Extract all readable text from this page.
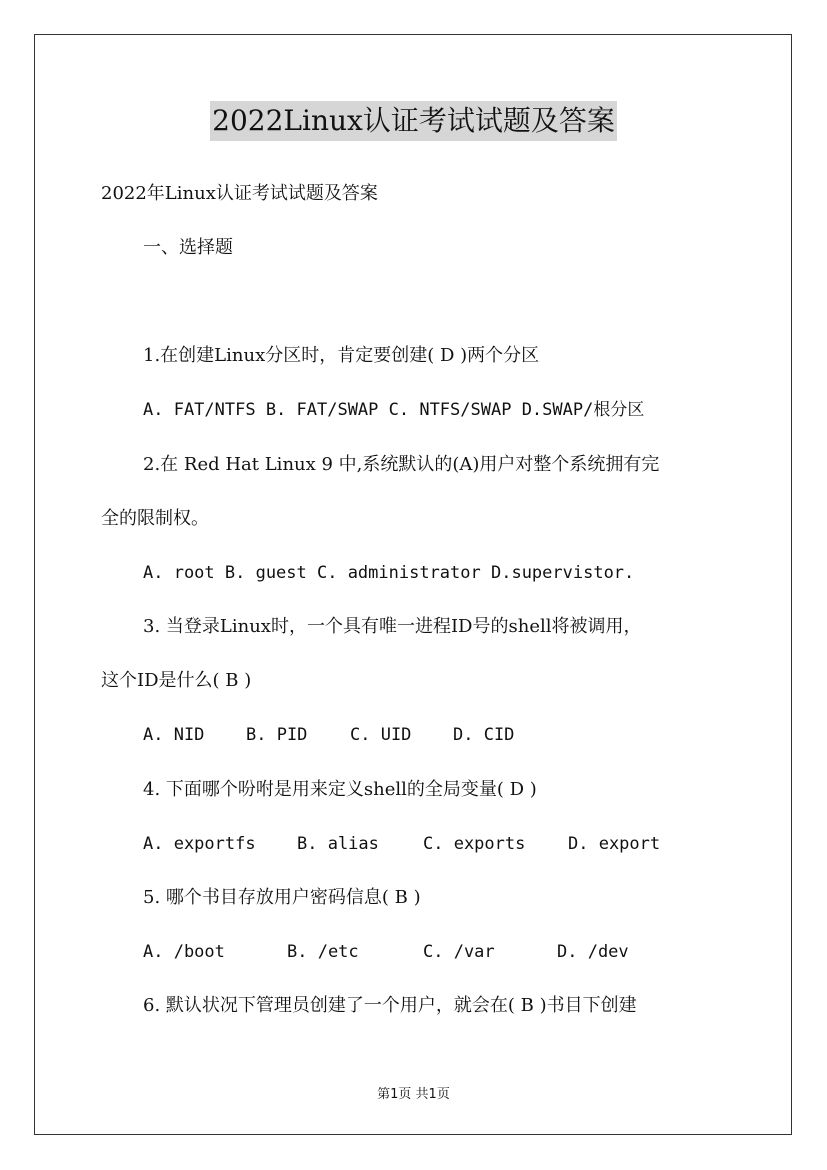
2022Linux认证考试试题及答案
2022年Linux认证考试试题及答案
一、选择题
1.在创建Linux分区时，肯定要创建( D )两个分区
A. FAT/NTFS B. FAT/SWAP C. NTFS/SWAP D.SWAP/根分区
2.在 Red Hat Linux 9 中,系统默认的(A)用户对整个系统拥有完
全的限制权。
A. root B. guest C. administrator D.supervistor.
3. 当登录Linux时，一个具有唯一进程ID号的shell将被调用，
这个ID是什么( B )
A. NID B. PID	C. UID D. CID
4. 下面哪个吩咐是用来定义shell的全局变量( D )
A. exportfs B. alias	C. exports	D. export
5. 哪个书目存放用户密码信息( B )
A. /boot	B. /etc	C. /var	D. /dev
6. 默认状况下管理员创建了一个用户，就会在( B )书目下创建
第1页 共1页
